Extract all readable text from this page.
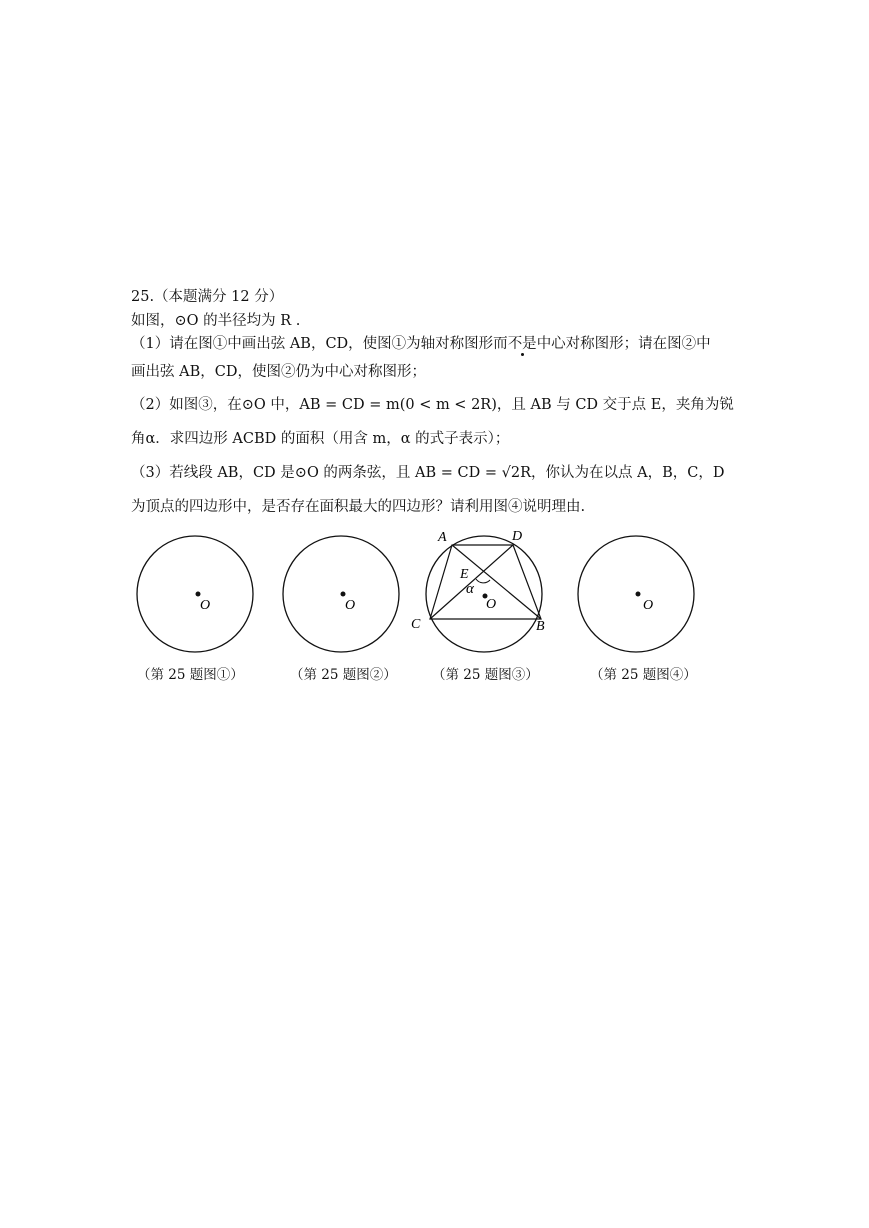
25.（本题满分 12 分）
如图，⊙O 的半径均为 R .
（1）请在图①中画出弦 AB，CD，使图①为轴对称图形而不是中心对称图形；请在图②中
画出弦 AB，CD，使图②仍为中心对称图形；
（2）如图③，在⊙O 中，AB = CD = m(0 < m < 2R)，且 AB 与 CD 交于点 E，夹角为锐
角α．求四边形 ACBD 的面积（用含 m，α 的式子表示）；
（3）若线段 AB，CD 是⊙O 的两条弦，且 AB = CD = √2R，你认为在以点 A，B，C，D
为顶点的四边形中，是否存在面积最大的四边形？请利用图④说明理由.
O	O	O
A	D
C	B
E
α
O
（第 25 题图①）	（第 25 题图②）	（第 25 题图③）	（第 25 题图④）
